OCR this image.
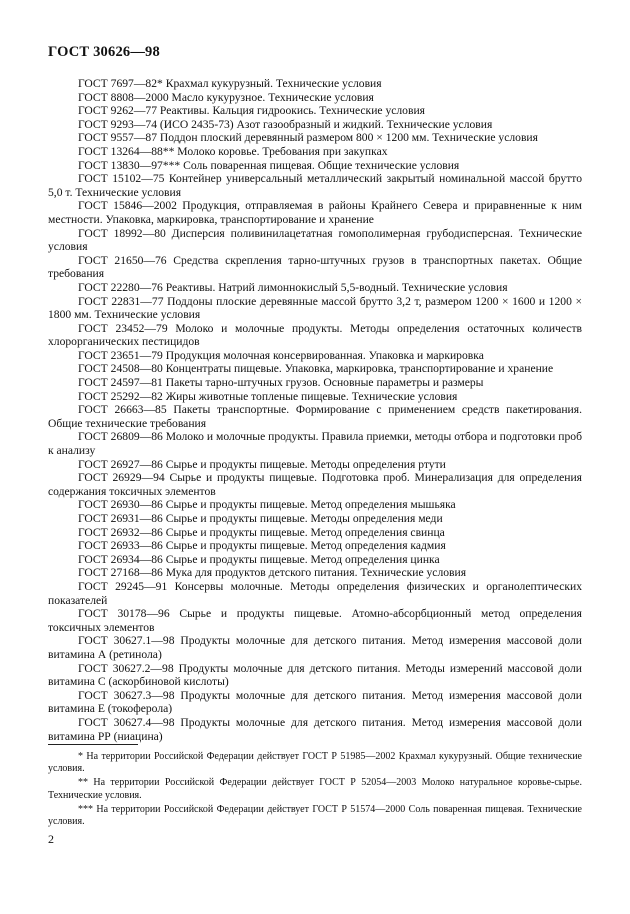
ГОСТ 30626—98

ГОСТ 7697—82* Крахмал кукурузный. Технические условия

ГОСТ 8808—2000 Масло кукурузное. Технические условия

ГОСТ 9262—77 Реактивы. Кальция гидроокись. Технические условия

ГОСТ 9293—74 (ИСО 2435-73) Азот газообразный и жидкий. Технические условия

ГОСТ 9557—87 Поддон плоский деревянный размером 800 × 1200 мм. Технические условия

ГОСТ 13264—88** Молоко коровье. Требования при закупках

ГОСТ 13830—97*** Соль поваренная пищевая. Общие технические условия

ГОСТ 15102—75 Контейнер универсальный металлический закрытый номинальной массой брутто 5,0 т. Технические условия

ГОСТ 15846—2002 Продукция, отправляемая в районы Крайнего Севера и приравненные к ним местности. Упаковка, маркировка, транспортирование и хранение

ГОСТ 18992—80 Дисперсия поливинилацетатная гомополимерная грубодисперсная. Технические условия

ГОСТ 21650—76 Средства скрепления тарно-штучных грузов в транспортных пакетах. Общие требования

ГОСТ 22280—76 Реактивы. Натрий лимоннокислый 5,5-водный. Технические условия

ГОСТ 22831—77 Поддоны плоские деревянные массой брутто 3,2 т, размером 1200 × 1600 и 1200 × 1800 мм. Технические условия

ГОСТ 23452—79 Молоко и молочные продукты. Методы определения остаточных количеств хлорорганических пестицидов

ГОСТ 23651—79 Продукция молочная консервированная. Упаковка и маркировка

ГОСТ 24508—80 Концентраты пищевые. Упаковка, маркировка, транспортирование и хранение

ГОСТ 24597—81 Пакеты тарно-штучных грузов. Основные параметры и размеры

ГОСТ 25292—82 Жиры животные топленые пищевые. Технические условия

ГОСТ 26663—85 Пакеты транспортные. Формирование с применением средств пакетирования. Общие технические требования

ГОСТ 26809—86 Молоко и молочные продукты. Правила приемки, методы отбора и подготовки проб к анализу

ГОСТ 26927—86 Сырье и продукты пищевые. Методы определения ртути

ГОСТ 26929—94 Сырье и продукты пищевые. Подготовка проб. Минерализация для определения содержания токсичных элементов

ГОСТ 26930—86 Сырье и продукты пищевые. Метод определения мышьяка

ГОСТ 26931—86 Сырье и продукты пищевые. Методы определения меди

ГОСТ 26932—86 Сырье и продукты пищевые. Метод определения свинца

ГОСТ 26933—86 Сырье и продукты пищевые. Метод определения кадмия

ГОСТ 26934—86 Сырье и продукты пищевые. Метод определения цинка

ГОСТ 27168—86 Мука для продуктов детского питания. Технические условия

ГОСТ 29245—91 Консервы молочные. Методы определения физических и органолептических показателей

ГОСТ 30178—96 Сырье и продукты пищевые. Атомно-абсорбционный метод определения токсичных элементов

ГОСТ 30627.1—98 Продукты молочные для детского питания. Метод измерения массовой доли витамина А (ретинола)

ГОСТ 30627.2—98 Продукты молочные для детского питания. Методы измерений массовой доли витамина С (аскорбиновой кислоты)

ГОСТ 30627.3—98 Продукты молочные для детского питания. Метод измерения массовой доли витамина Е (токоферола)

ГОСТ 30627.4—98 Продукты молочные для детского питания. Метод измерения массовой доли витамина РР (ниацина)

* На территории Российской Федерации действует ГОСТ Р 51985—2002 Крахмал кукурузный. Общие технические условия.

** На территории Российской Федерации действует ГОСТ Р 52054—2003 Молоко натуральное коровье-сырье. Технические условия.

*** На территории Российской Федерации действует ГОСТ Р 51574—2000 Соль поваренная пищевая. Технические условия.

2
